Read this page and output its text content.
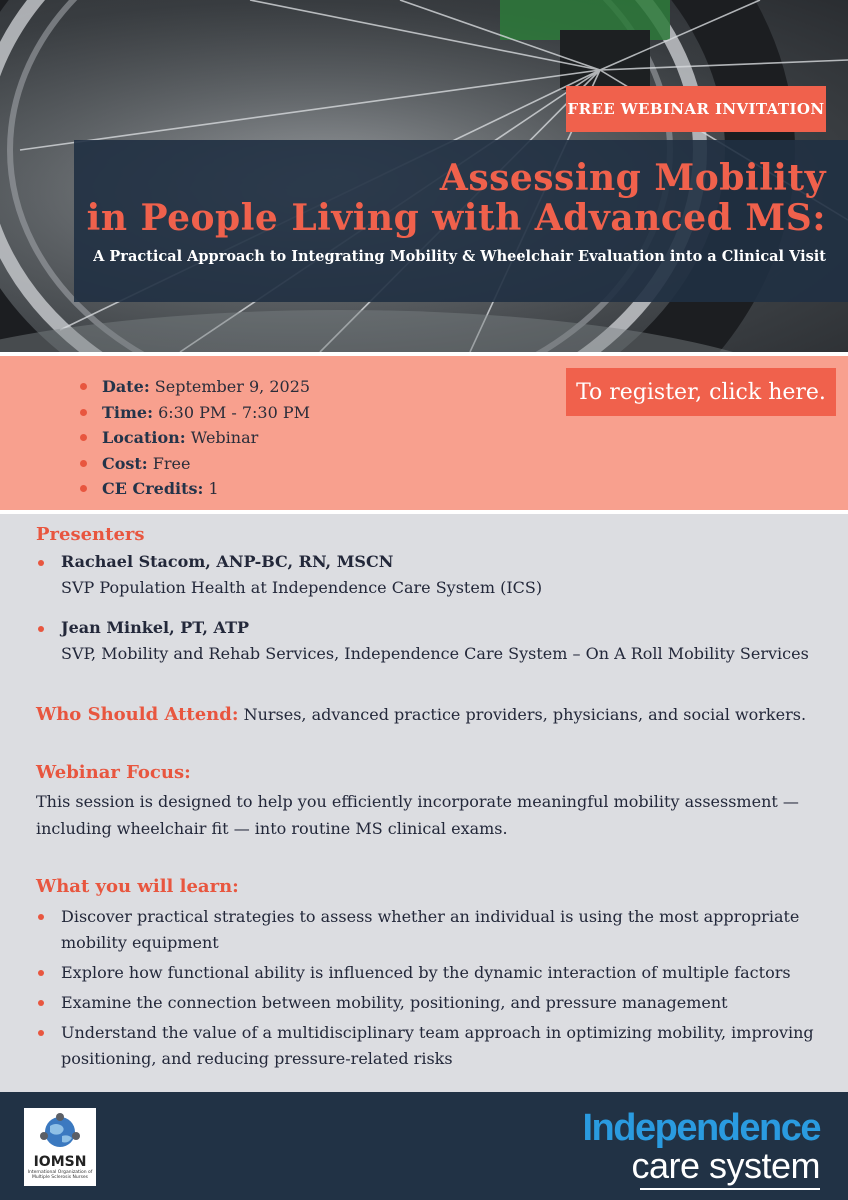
FREE WEBINAR INVITATION
Assessing Mobility
in People Living with Advanced MS:
A Practical Approach to Integrating Mobility & Wheelchair Evaluation into a Clinical Visit
Date: September 9, 2025
Time: 6:30 PM - 7:30 PM
Location: Webinar
Cost: Free
CE Credits: 1
To register, click here.
Presenters
Rachael Stacom, ANP-BC, RN, MSCN
SVP Population Health at Independence Care System (ICS)
Jean Minkel, PT, ATP
SVP, Mobility and Rehab Services, Independence Care System – On A Roll Mobility Services
Who Should Attend: Nurses, advanced practice providers, physicians, and social workers.
Webinar Focus:
This session is designed to help you efficiently incorporate meaningful mobility assessment — including wheelchair fit — into routine MS clinical exams.
What you will learn:
Discover practical strategies to assess whether an individual is using the most appropriate mobility equipment
Explore how functional ability is influenced by the dynamic interaction of multiple factors
Examine the connection between mobility, positioning, and pressure management
Understand the value of a multidisciplinary team approach in optimizing mobility, improving positioning, and reducing pressure-related risks
IOMSN
International Organization of Multiple Sclerosis Nurses
Independence
care system
